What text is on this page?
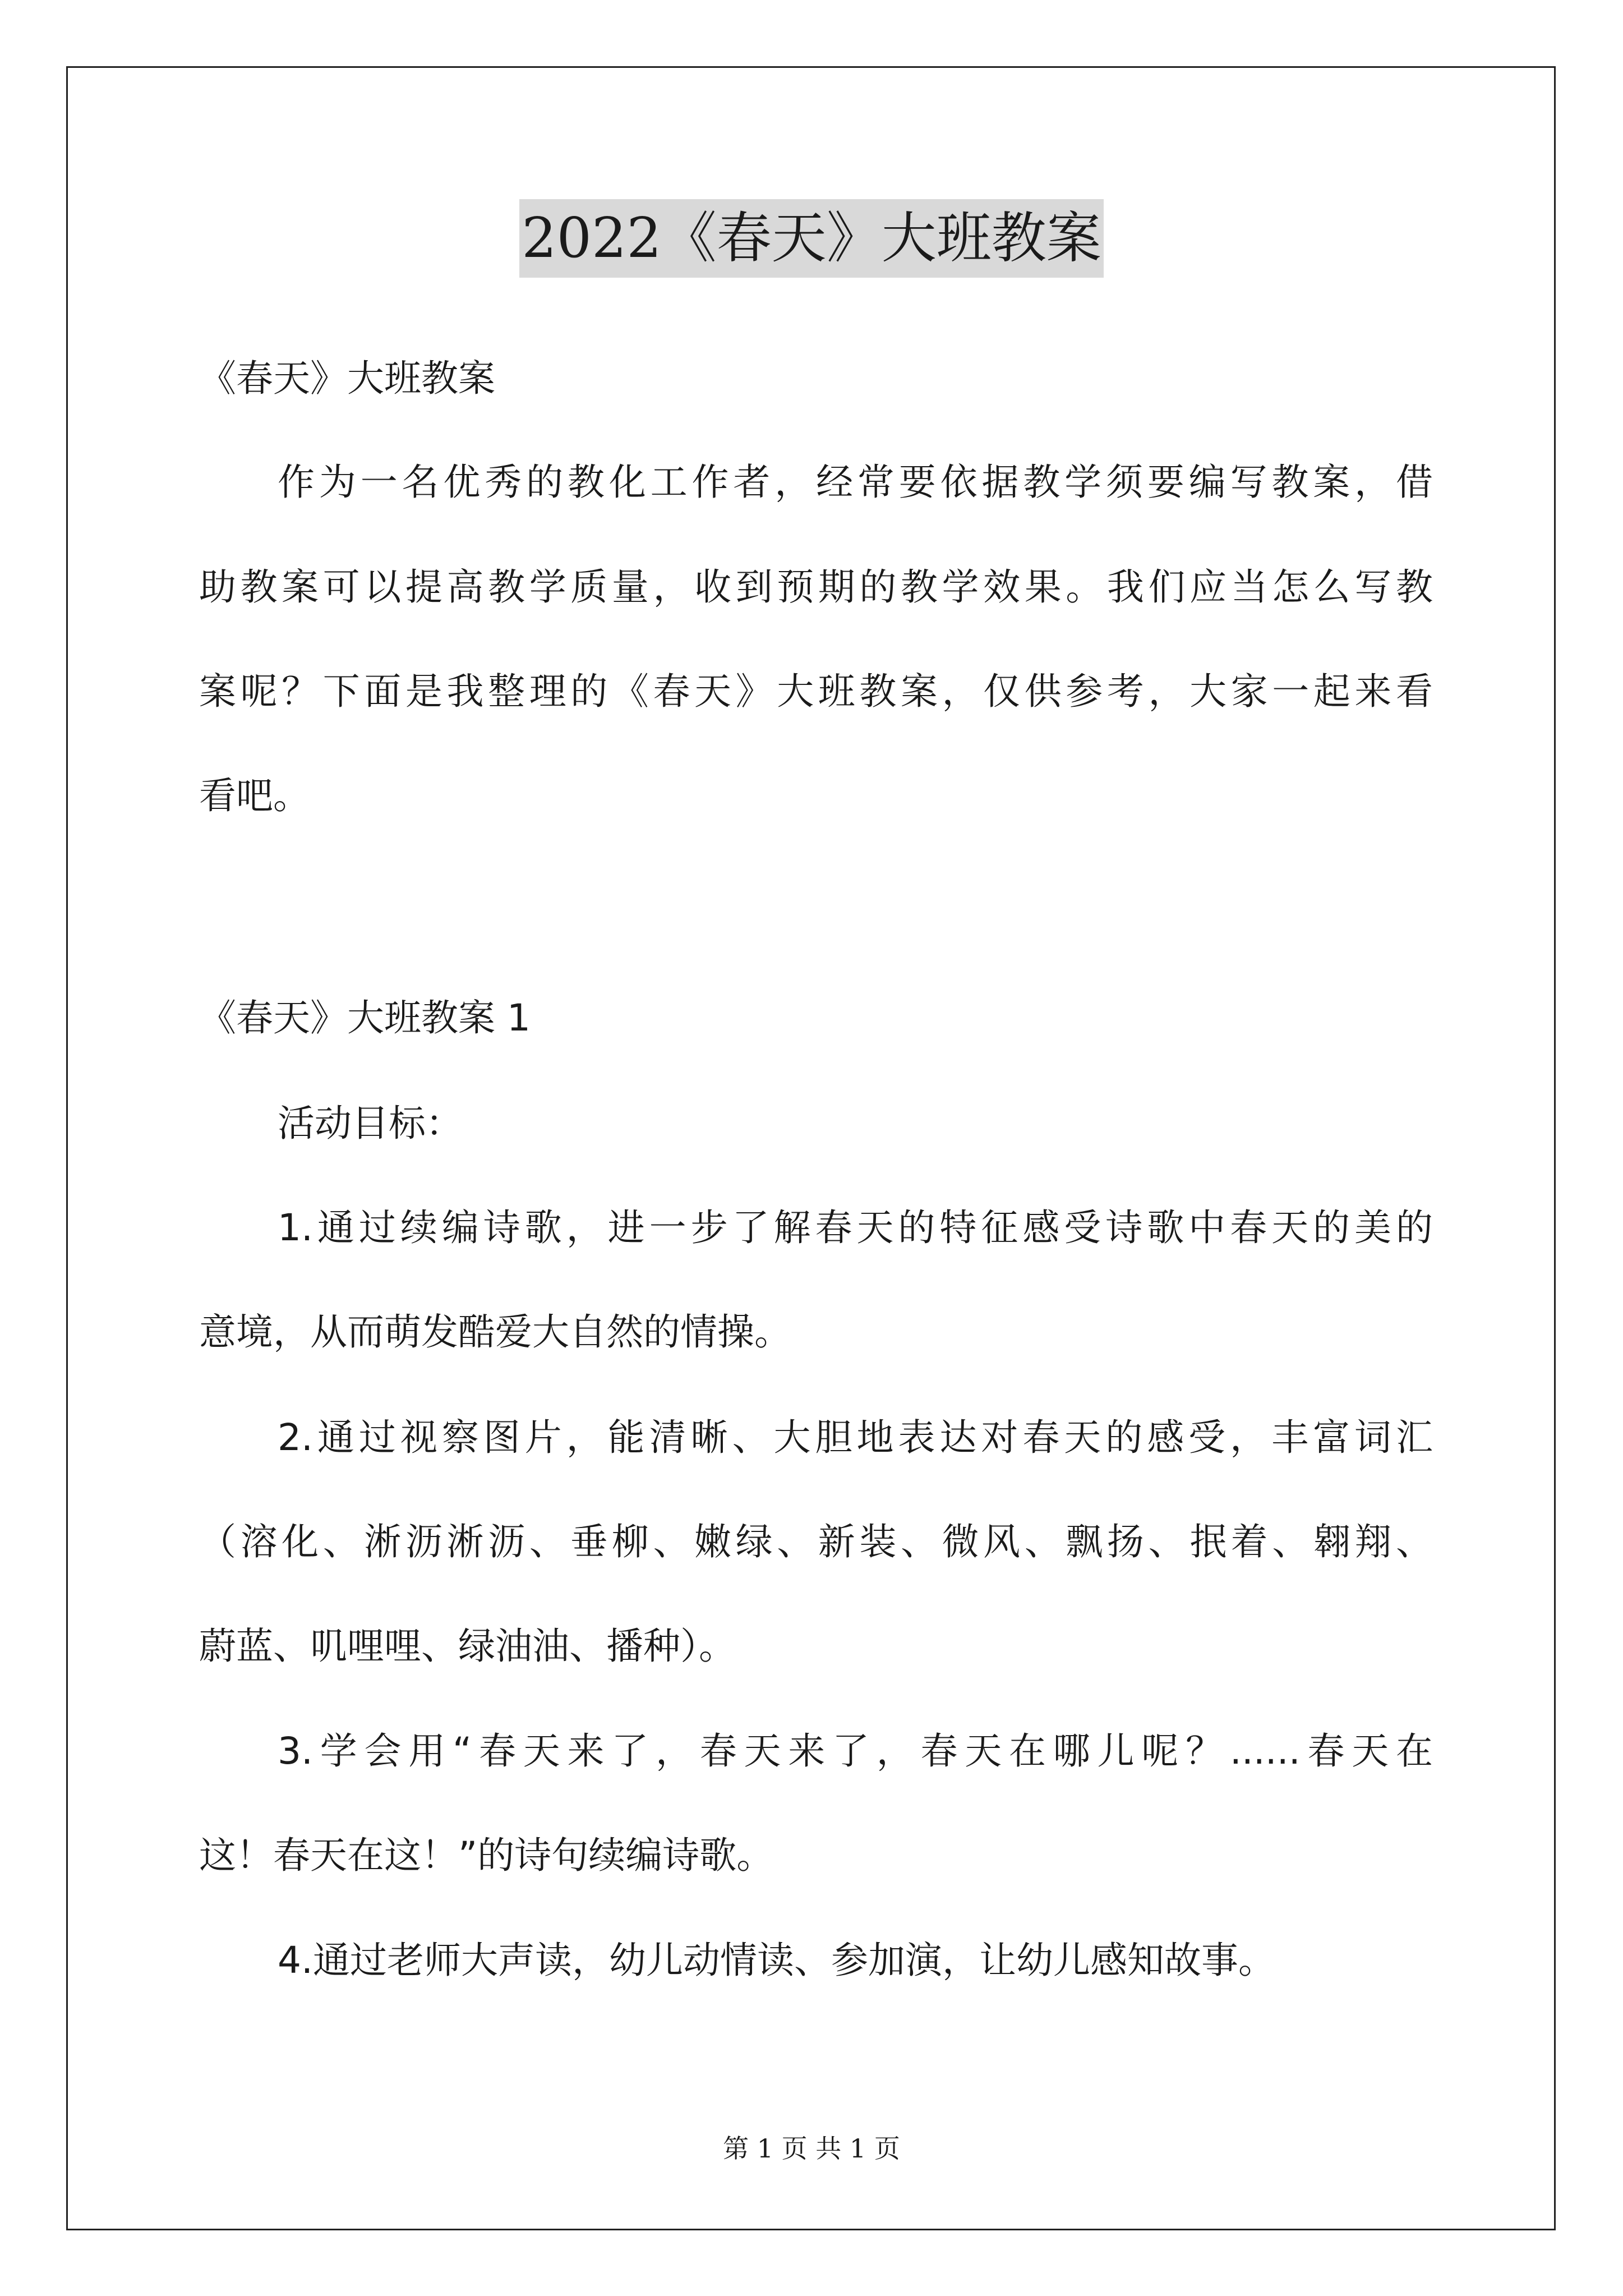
2022《春天》大班教案
《春天》大班教案
作为一名优秀的教化工作者，经常要依据教学须要编写教案，借
助教案可以提高教学质量，收到预期的教学效果。我们应当怎么写教
案呢？下面是我整理的《春天》大班教案，仅供参考，大家一起来看
看吧。
《春天》大班教案 1
活动目标：
1.通过续编诗歌，进一步了解春天的特征感受诗歌中春天的美的
意境，从而萌发酷爱大自然的情操。
2.通过视察图片，能清晰、大胆地表达对春天的感受，丰富词汇
（溶化、淅沥淅沥、垂柳、嫩绿、新装、微风、飘扬、抿着、翱翔、
蔚蓝、叽哩哩、绿油油、播种）。
3.学会用“春天来了，春天来了，春天在哪儿呢？......春天在
这！春天在这！”的诗句续编诗歌。
4.通过老师大声读，幼儿动情读、参加演，让幼儿感知故事。
第 1 页 共 1 页
